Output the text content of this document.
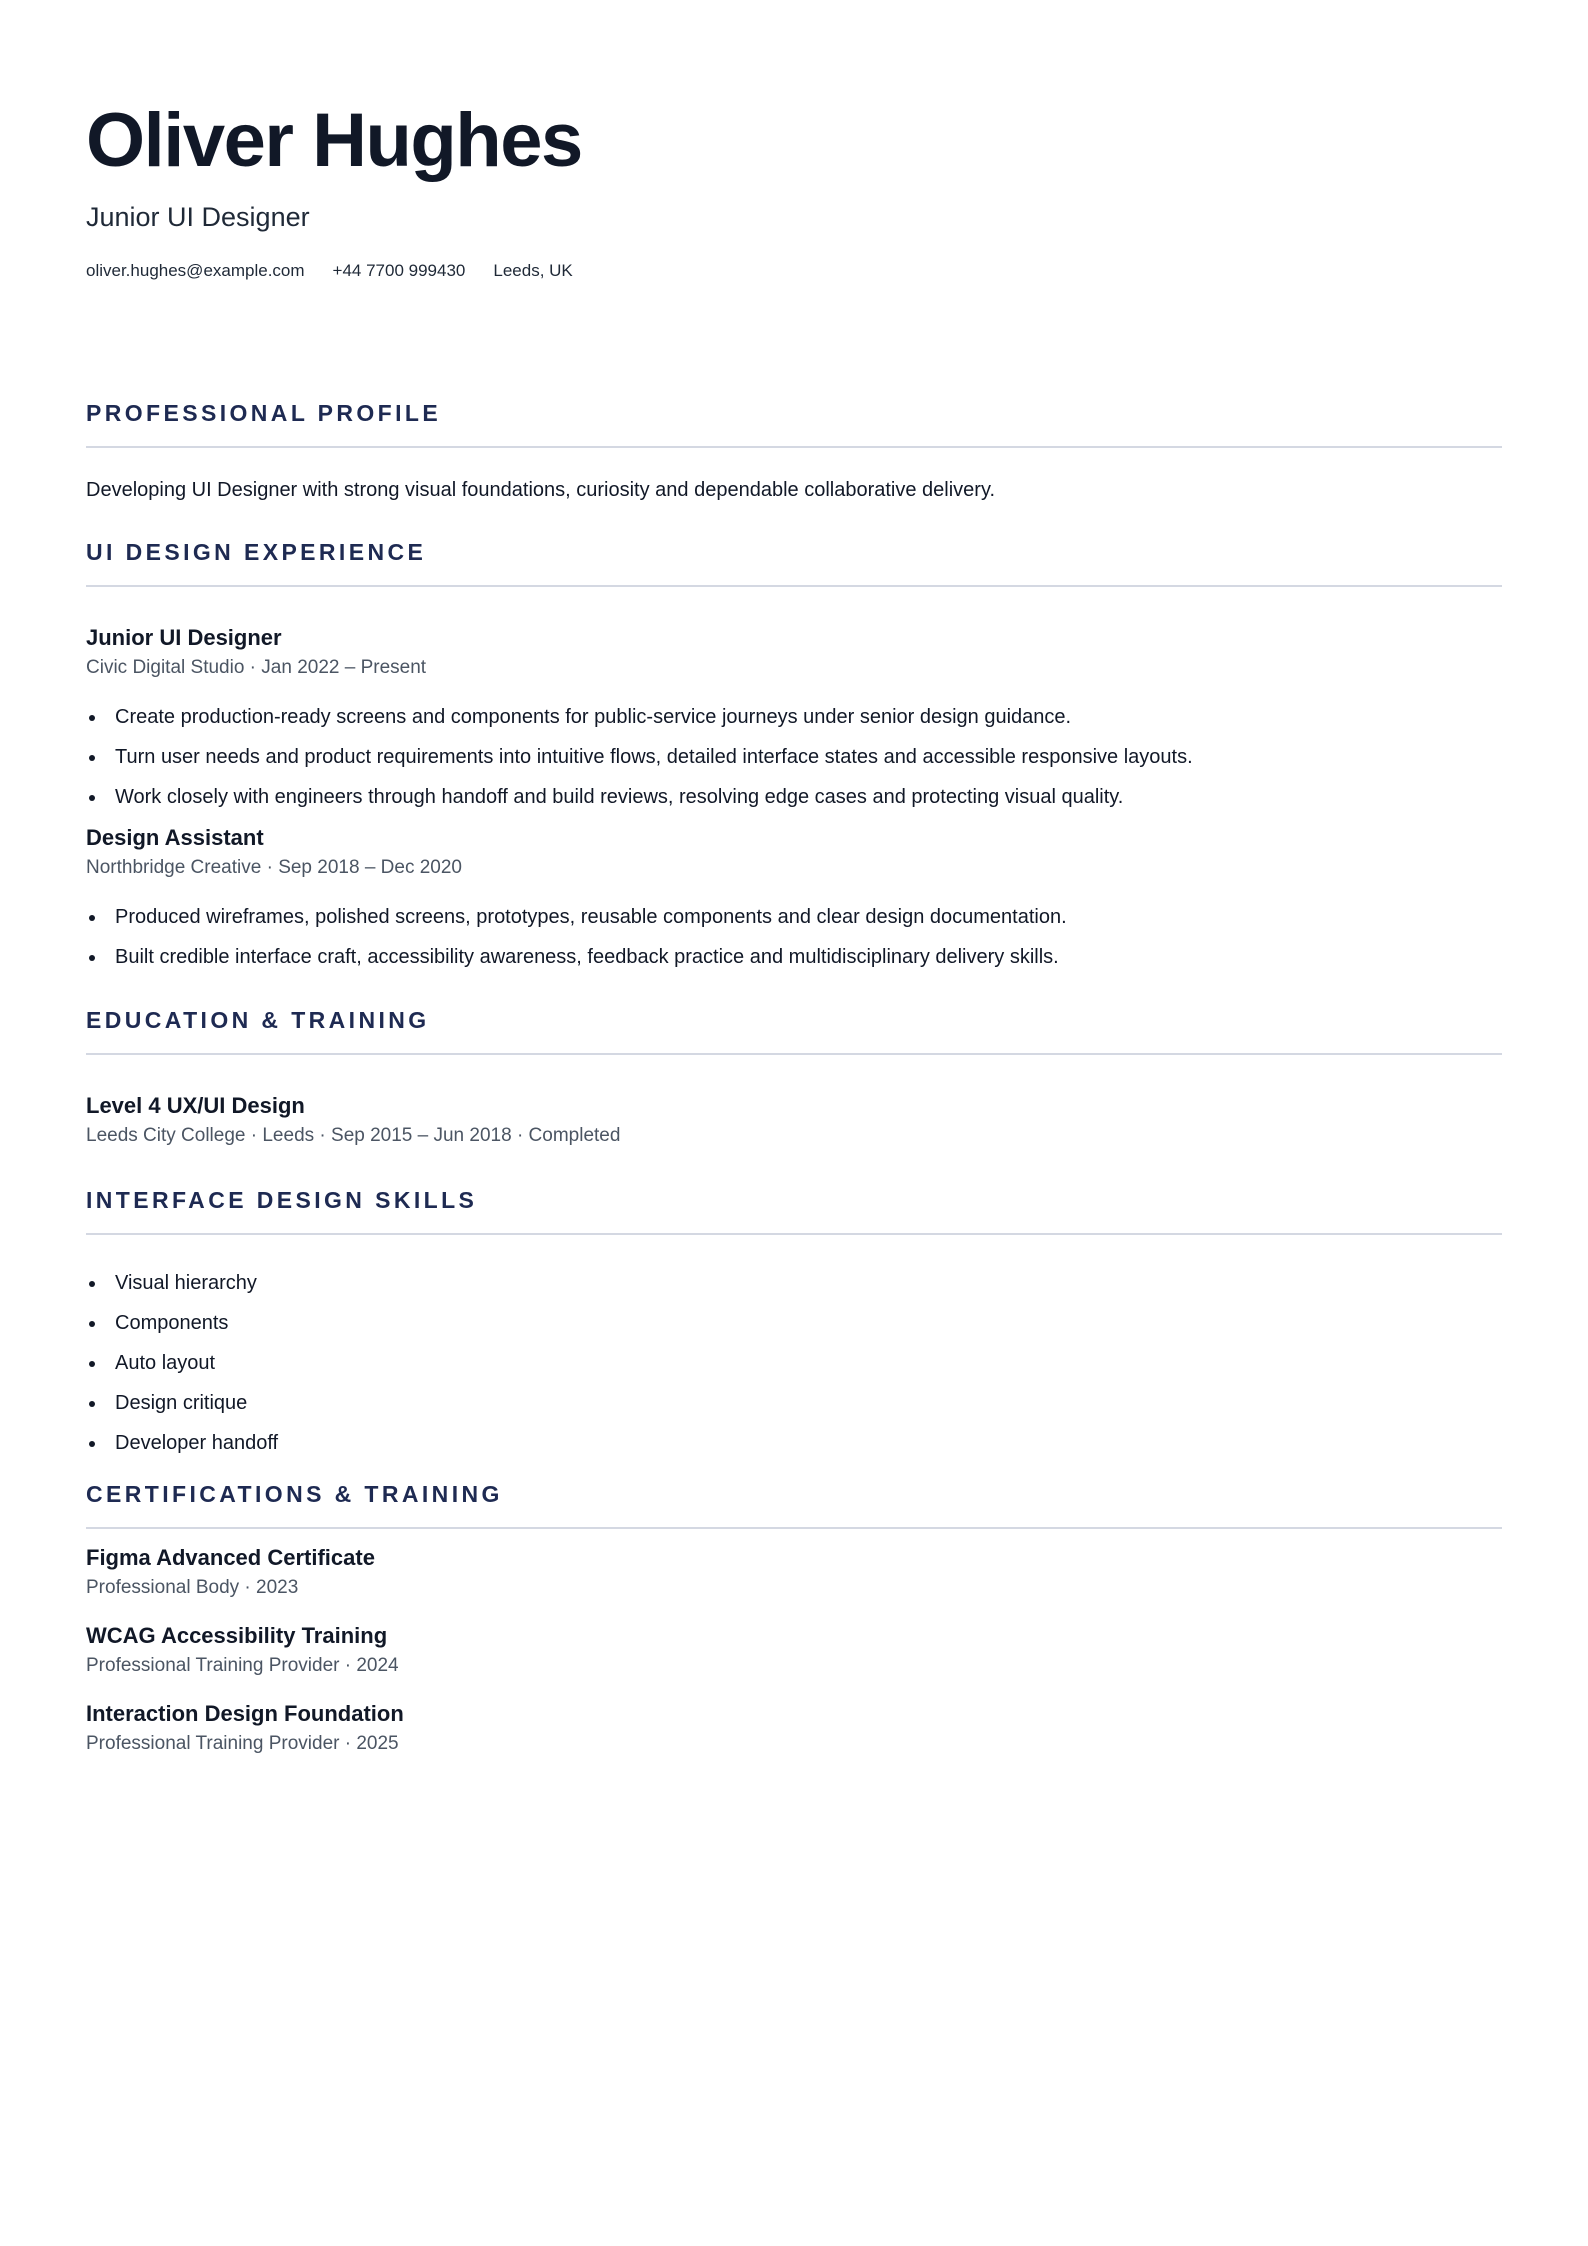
Oliver Hughes
Junior UI Designer
oliver.hughes@example.com +44 7700 999430 Leeds, UK
PROFESSIONAL PROFILE
Developing UI Designer with strong visual foundations, curiosity and dependable collaborative delivery.
UI DESIGN EXPERIENCE
Junior UI Designer
Civic Digital Studio · Jan 2022 – Present
Create production-ready screens and components for public-service journeys under senior design guidance.
Turn user needs and product requirements into intuitive flows, detailed interface states and accessible responsive layouts.
Work closely with engineers through handoff and build reviews, resolving edge cases and protecting visual quality.
Design Assistant
Northbridge Creative · Sep 2018 – Dec 2020
Produced wireframes, polished screens, prototypes, reusable components and clear design documentation.
Built credible interface craft, accessibility awareness, feedback practice and multidisciplinary delivery skills.
EDUCATION & TRAINING
Level 4 UX/UI Design
Leeds City College · Leeds · Sep 2015 – Jun 2018 · Completed
INTERFACE DESIGN SKILLS
Visual hierarchy
Components
Auto layout
Design critique
Developer handoff
CERTIFICATIONS & TRAINING
Figma Advanced Certificate
Professional Body · 2023
WCAG Accessibility Training
Professional Training Provider · 2024
Interaction Design Foundation
Professional Training Provider · 2025
